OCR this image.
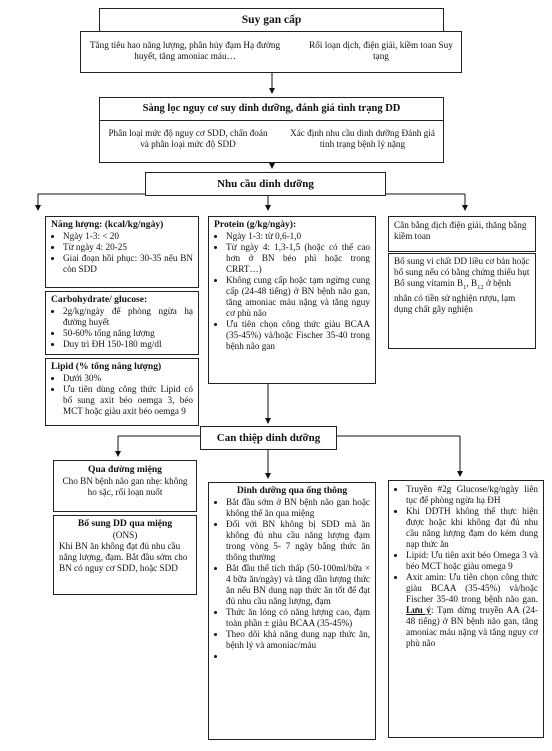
Suy gan cấp
Tăng tiêu hao năng lượng, phân hủy đạm Hạ đường huyết, tăng amoniac máu…
Rối loạn dịch, điện giải, kiềm toan Suy tạng
Sàng lọc nguy cơ suy dinh dưỡng, đánh giá tình trạng DD
Phân loại mức độ nguy cơ SDD, chẩn đoán và phân loại mức độ SDD
Xác định nhu cầu dinh dưỡng Đánh giá tình trạng bệnh lý nặng
Nhu cầu dinh dưỡng
Năng lượng: (kcal/kg/ngày)
• Ngày 1-3: < 20
• Từ ngày 4: 20-25
• Giai đoạn hồi phục: 30-35 nếu BN còn SDD
Carbohydrate/ glucose:
• 2g/kg/ngày để phòng ngừa hạ đường huyết
• 50-60% tổng năng lượng
• Duy trì ĐH 150-180 mg/dl
Lipid (% tổng năng lượng)
• Dưới 30%
• Ưu tiên dùng công thức Lipid có bổ sung axit béo oemga 3, béo MCT hoặc giàu axit béo oemga 9
Protein (g/kg/ngày):
• Ngày 1-3: từ 0,6-1,0
• Từ ngày 4: 1,3-1,5 (hoặc có thể cao hơn ở BN béo phì hoặc trong CRRT…)
• Không cung cấp hoặc tạm ngừng cung cấp (24-48 tiếng) ở BN bệnh não gan, tăng amoniac máu nặng và tăng nguy cơ phù não
• Ưu tiên chọn công thức giàu BCAA (35-45%) và/hoặc Fischer 35-40 trong bệnh não gan
Cân bằng dịch điện giải, thăng bằng kiềm toan
Bổ sung vi chất DD liều cơ bản hoặc bổ sung nếu có bằng chứng thiếu hụt
Bổ sung vitamin $B_1$, $B_{12}$ ở bệnh nhân có tiền sử nghiện rượu, lạm dụng chất gây nghiện
Can thiệp dinh dưỡng
Qua đường miệng
Cho BN bệnh não gan nhẹ: không ho sặc, rối loạn nuốt
Bổ sung DD qua miệng
(ONS)
Khi BN ăn không đạt đủ nhu cầu năng lượng, đạm. Bắt đầu sớm cho BN có nguy cơ SDD, hoặc SDD
Dinh dưỡng qua ống thông
• Bắt đầu sớm ở BN bệnh não gan hoặc không thể ăn qua miệng
• Đối với BN không bị SDD mà ăn không đủ nhu cầu năng lượng đạm trong vòng 5- 7 ngày bằng thức ăn thông thường
• Bắt đầu thể tích thấp (50-100ml/bữa × 4 bữa ăn/ngày) và tăng dần lượng thức ăn nếu BN dung nạp thức ăn tốt để đạt đủ nhu cầu năng lượng, đạm
• Thức ăn lỏng có năng lượng cao, đạm toàn phần ± giàu BCAA (35-45%)
• Theo dõi khả năng dung nạp thức ăn, bệnh lý và amoniac/máu
•
• Truyền #2g Glucose/kg/ngày liên tục để phòng ngừa hạ ĐH
• Khi DDTH không thể thực hiện được hoặc khi không đạt đủ nhu cầu năng lượng đạm do kém dung nạp thức ăn
• Lipid: Ưu tiên axit béo Omega 3 và béo MCT hoặc giàu omega 9
• Axit amin: Ưu tiên chọn công thức giàu BCAA (35-45%) và/hoặc Fischer 35-40 trong bệnh não gan. Lưu ý: Tạm dừng truyền AA (24-48 tiếng) ở BN bệnh não gan, tăng amoniac máu nặng và tăng nguy cơ phù não
